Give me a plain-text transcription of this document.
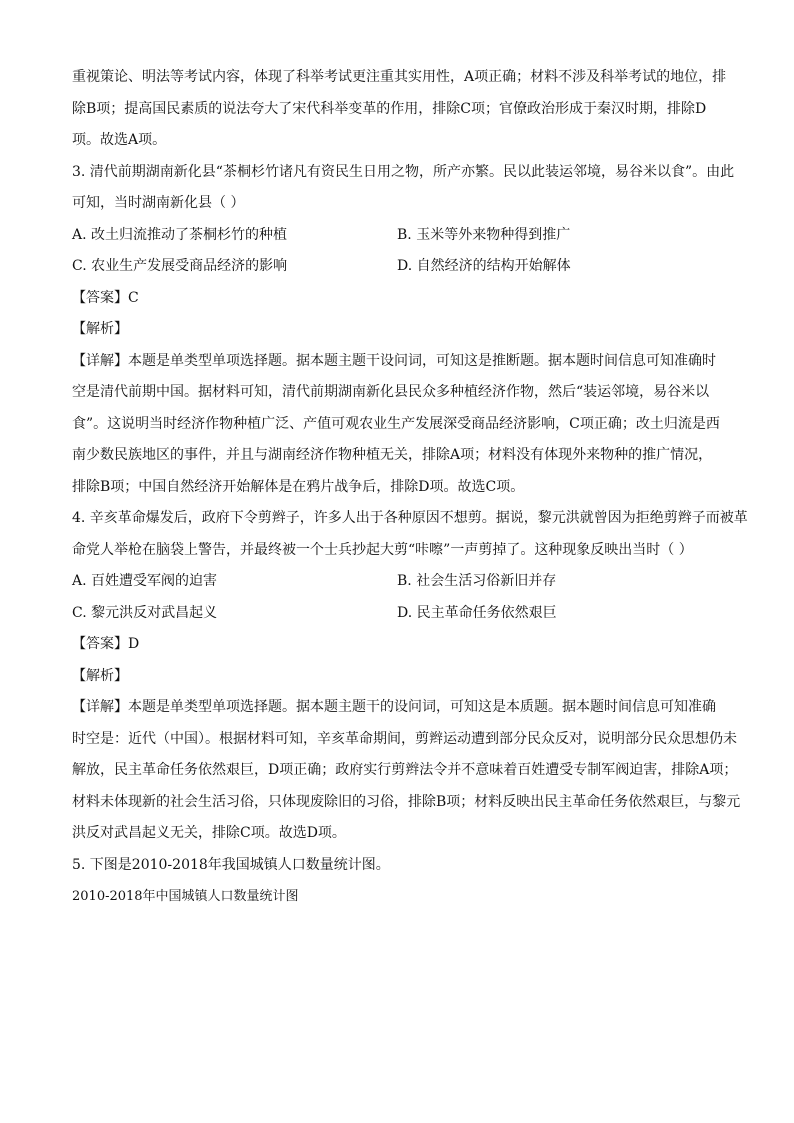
重视策论、明法等考试内容，体现了科举考试更注重其实用性，A项正确；材料不涉及科举考试的地位，排

除B项；提高国民素质的说法夸大了宋代科举变革的作用，排除C项；官僚政治形成于秦汉时期，排除D

项。故选A项。

3. 清代前期湖南新化县“茶桐杉竹诸凡有资民生日用之物，所产亦繁。民以此装运邻境，易谷米以食”。由此

可知，当时湖南新化县（ ）

A. 改土归流推动了茶桐杉竹的种植	B. 玉米等外来物种得到推广
C. 农业生产发展受商品经济的影响	D. 自然经济的结构开始解体

【答案】C

【解析】

【详解】本题是单类型单项选择题。据本题主题干设问词，可知这是推断题。据本题时间信息可知准确时

空是清代前期中国。据材料可知，清代前期湖南新化县民众多种植经济作物，然后“装运邻境，易谷米以

食”。这说明当时经济作物种植广泛、产值可观农业生产发展深受商品经济影响，C项正确；改土归流是西

南少数民族地区的事件，并且与湖南经济作物种植无关，排除A项；材料没有体现外来物种的推广情况，

排除B项；中国自然经济开始解体是在鸦片战争后，排除D项。故选C项。

4. 辛亥革命爆发后，政府下令剪辫子，许多人出于各种原因不想剪。据说，黎元洪就曾因为拒绝剪辫子而被革

命党人举枪在脑袋上警告，并最终被一个士兵抄起大剪“咔嚓”一声剪掉了。这种现象反映出当时（ ）

A. 百姓遭受军阀的迫害	B. 社会生活习俗新旧并存
C. 黎元洪反对武昌起义	D. 民主革命任务依然艰巨

【答案】D

【解析】

【详解】本题是单类型单项选择题。据本题主题干的设问词，可知这是本质题。据本题时间信息可知准确

时空是：近代（中国）。根据材料可知，辛亥革命期间，剪辫运动遭到部分民众反对，说明部分民众思想仍未

解放，民主革命任务依然艰巨，D项正确；政府实行剪辫法令并不意味着百姓遭受专制军阀迫害，排除A项；

材料未体现新的社会生活习俗，只体现废除旧的习俗，排除B项；材料反映出民主革命任务依然艰巨，与黎元

洪反对武昌起义无关，排除C项。故选D项。

5. 下图是2010-2018年我国城镇人口数量统计图。

2010-2018年中国城镇人口数量统计图
